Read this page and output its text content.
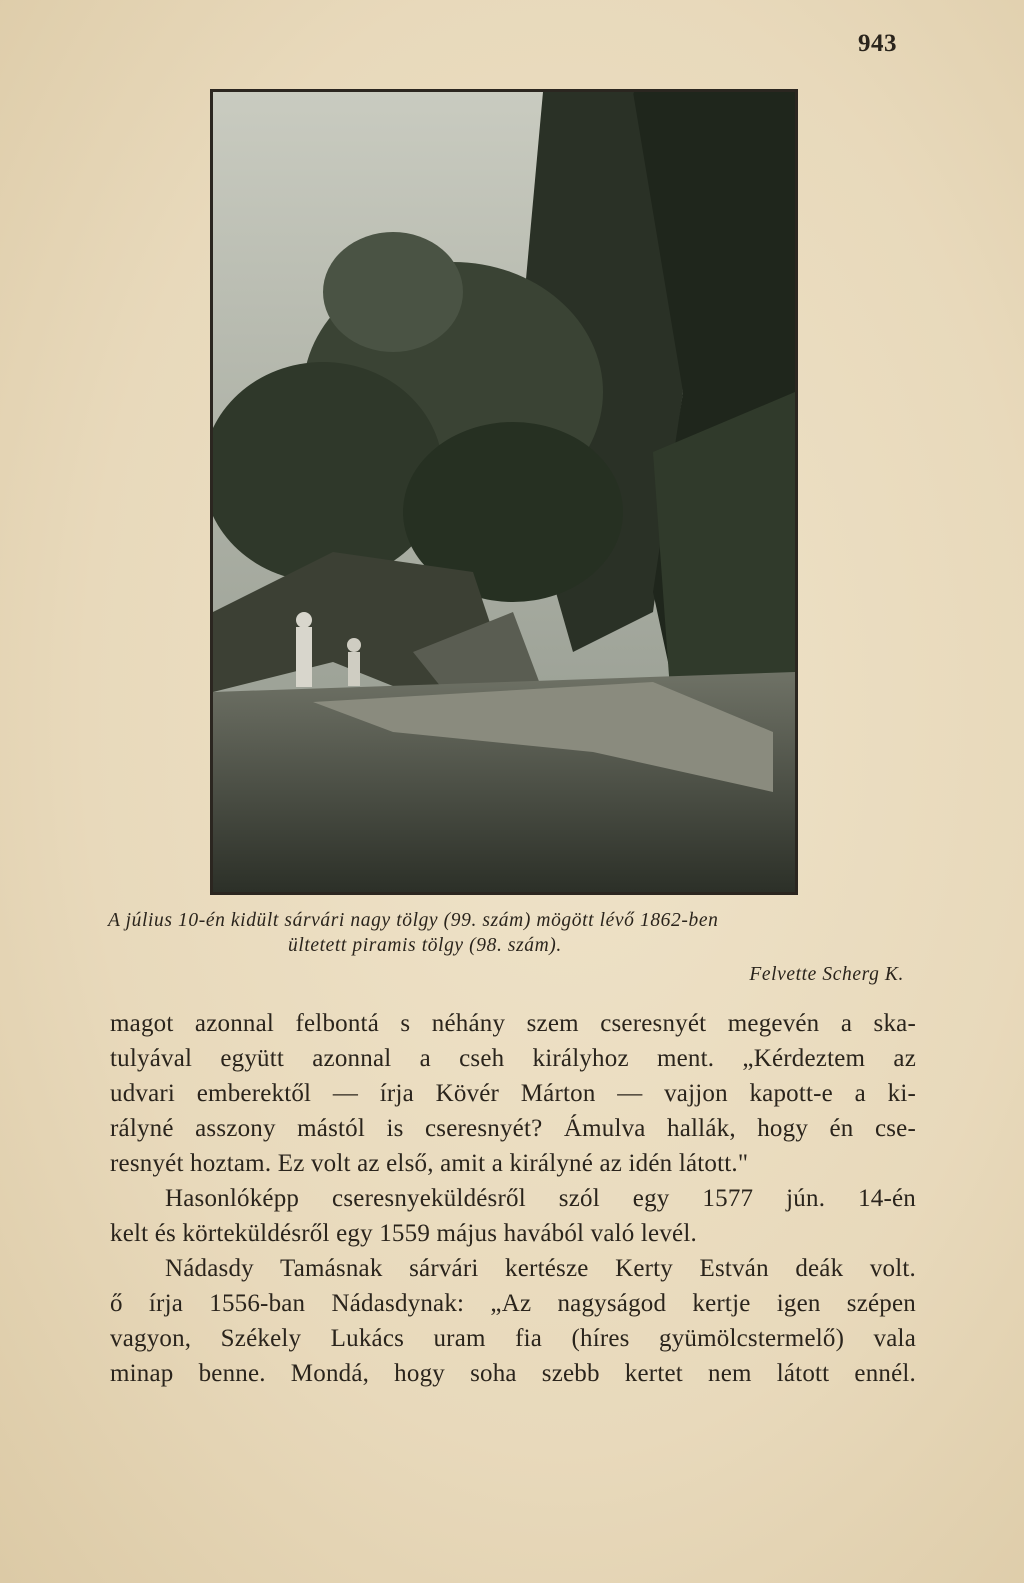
943
A július 10-én kidült sárvári nagy tölgy (99. szám) mögött lévő 1862-ben
ültetett piramis tölgy (98. szám).
Felvette Scherg K.
magot azonnal felbontá s néhány szem cseresnyét megevén a ska-
tulyával együtt azonnal a cseh királyhoz ment. „Kérdeztem az
udvari emberektől — írja Kövér Márton — vajjon kapott-e a ki-
rályné asszony mástól is cseresnyét? Ámulva hallák, hogy én cse-
resnyét hoztam. Ez volt az első, amit a királyné az idén látott."
Hasonlóképp cseresnyeküldésről szól egy 1577 jún. 14-én
kelt és körteküldésről egy 1559 május havából való levél.
Nádasdy Tamásnak sárvári kertésze Kerty Estván deák volt.
ő írja 1556-ban Nádasdynak: „Az nagyságod kertje igen szépen
vagyon, Székely Lukács uram fia (híres gyümölcstermelő) vala
minap benne. Mondá, hogy soha szebb kertet nem látott ennél.
